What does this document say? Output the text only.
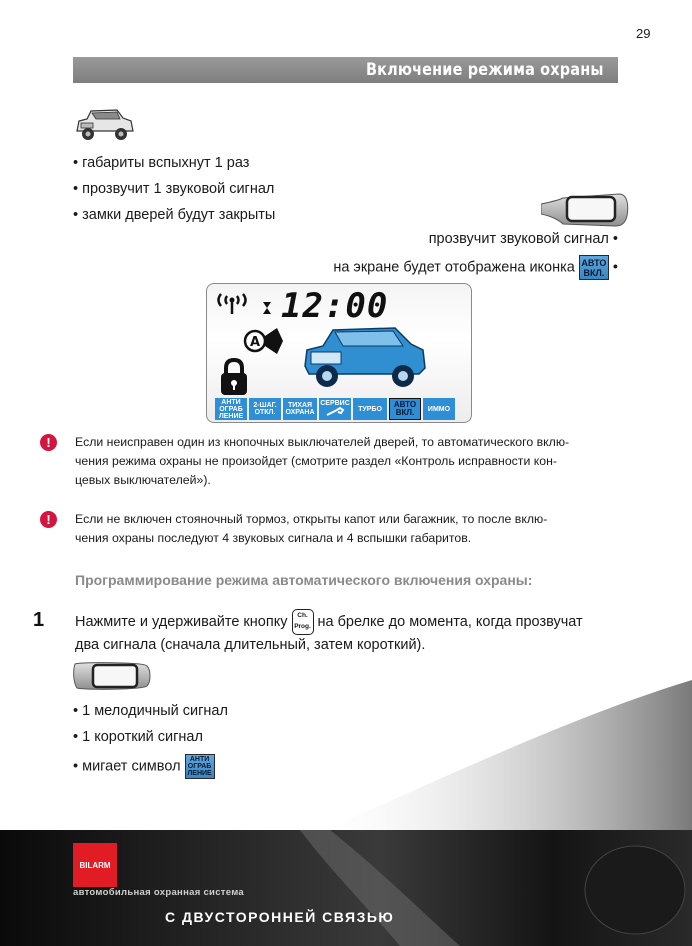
29
Включение режима охраны
• габариты вспыхнут 1 раз
• прозвучит 1 звуковой сигнал
• замки дверей будут закрыты
прозвучит звуковой сигнал •
на экране будет отображена иконка АВТО
ВКЛ. •
12:00
A
АНТИ
ОГРАБ
ЛЕНИЕ
2-ШАГ.
ОТКЛ.
ТИХАЯ
ОХРАНА
СЕРВИС
ТУРБО АВТО
ВКЛ. ИММО
!	Если неисправен один из кнопочных выключателей дверей, то автоматического вклю-
чения режима охраны не произойдет (смотрите раздел «Контроль исправности кон-
цевых выключателей»).
!	Если не включен стояночный тормоз, открыты капот или багажник, то после вклю-
чения охраны последуют 4 звуковых сигнала и 4 вспышки габаритов.
Программирование режима автоматического включения охраны:
1 Нажмите и удерживайте кнопку Ch.
Prog. на брелке до момента, когда прозвучат
два сигнала (сначала длительный, затем короткий).
• 1 мелодичный сигнал
• 1 короткий сигнал
• мигает символ АНТИ
ОГРАБ
ЛЕНИЕ
BILARM
автомобильная охранная система
С ДВУСТОРОННЕЙ СВЯЗЬЮ
